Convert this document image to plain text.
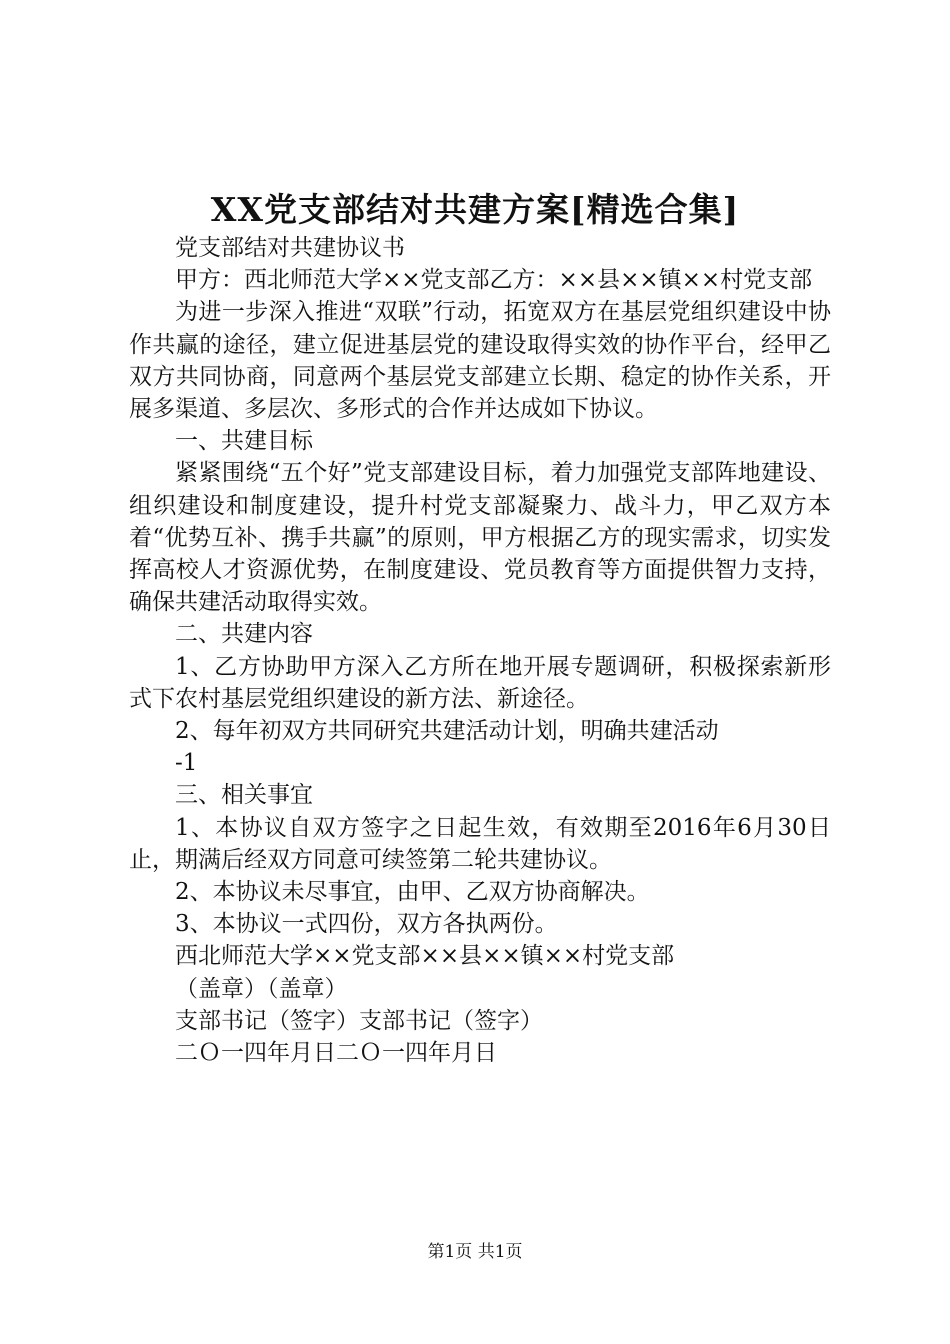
XX党支部结对共建方案[精选合集]

党支部结对共建协议书

甲方：西北师范大学××党支部乙方：××县××镇××村党支部

为进一步深入推进“双联”行动，拓宽双方在基层党组织建设中协作共赢的途径，建立促进基层党的建设取得实效的协作平台，经甲乙双方共同协商，同意两个基层党支部建立长期、稳定的协作关系，开展多渠道、多层次、多形式的合作并达成如下协议。

一、共建目标

紧紧围绕“五个好”党支部建设目标，着力加强党支部阵地建设、组织建设和制度建设，提升村党支部凝聚力、战斗力，甲乙双方本着“优势互补、携手共赢”的原则，甲方根据乙方的现实需求，切实发挥高校人才资源优势，在制度建设、党员教育等方面提供智力支持，确保共建活动取得实效。

二、共建内容

1、乙方协助甲方深入乙方所在地开展专题调研，积极探索新形式下农村基层党组织建设的新方法、新途径。

2、每年初双方共同研究共建活动计划，明确共建活动

-1

三、相关事宜

1、本协议自双方签字之日起生效，有效期至2016年6月30日止，期满后经双方同意可续签第二轮共建协议。

2、本协议未尽事宜，由甲、乙双方协商解决。

3、本协议一式四份，双方各执两份。

西北师范大学××党支部××县××镇××村党支部

（盖章）（盖章）

支部书记（签字）支部书记（签字）

二Ｏ一四年月日二Ｏ一四年月日

第1页 共1页
